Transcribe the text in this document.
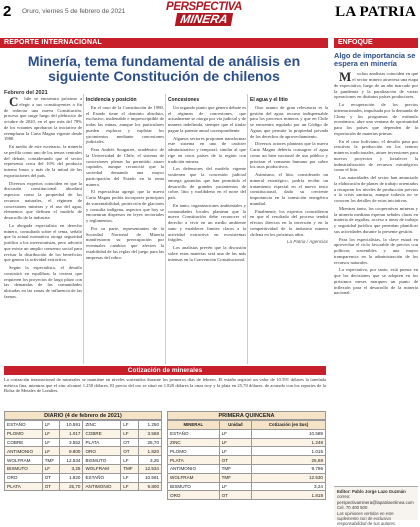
2 Oruro, viernes 5 de febrero de 2021	PERSPECTIVA
MINERA	LA PATRIA
REPORTE INTERNACIONAL
Minería, tema fundamental de análisis en siguiente Constitución de chilenos
Febrero del 2021

Chile se encuentra próximo a elegir a sus constituyentes a fin de redactar una nueva Constitución, proceso que surge luego del plebiscito de octubre de 2020, en el que más del 78% de los votantes aprobaron la iniciativa de reemplazar la Carta Magna vigente desde 1980.

En medio de este escenario, la minería se perfila como uno de los temas centrales del debate, considerando que el sector representa cerca del 10% del producto interno bruto y más de la mitad de las exportaciones del país.

Diversos expertos coinciden en que la discusión constitucional abordará aspectos como la propiedad de los recursos naturales, el régimen de concesiones mineras y el uso del agua, elementos que definen el modelo de desarrollo de la industria.

La abogada especialista en derecho minero, consultada sobre el tema, señaló que la actual normativa otorga seguridad jurídica a los inversionistas, pero advirtió que existe un amplio consenso social para revisar la distribución de los beneficios que genera la actividad extractiva.

Según la especialista, el desafío consistirá en equilibrar la certeza que requieren los proyectos de largo plazo con las demandas de las comunidades ubicadas en las zonas de influencia de las faenas.

Incidencia y posición

En el caso de la Constitución de 1980, el Estado tiene el dominio absoluto, exclusivo, inalienable e imprescriptible de todas las minas, aunque los particulares pueden explorar y explotar los yacimientos mediante concesiones judiciales.

Para Andrés Sougarret, académico de la Universidad de Chile, el sistema de concesiones plenas ha permitido atraer capitales, aunque reconoció que la sociedad demanda una mayor participación del Estado en la renta minera.

El especialista agregó que la nueva Carta Magna podría incorporar principios de sustentabilidad, protección de glaciares y consulta indígena, aspectos que hoy se encuentran dispersos en leyes sectoriales y reglamentos.

Por su parte, representantes de la Sociedad Nacional de Minería manifestaron su preocupación por eventuales cambios que afecten la estabilidad de las reglas del juego para las empresas del rubro.

Concesiones

Un segundo punto que genera debate es el régimen de concesiones, que actualmente se otorga por vía judicial y de manera indefinida, siempre que el titular pague la patente anual correspondiente.

Algunos sectores proponen transformar este sistema en uno de carácter administrativo y temporal, similar al que rige en otros países de la región con tradición minera.

Los defensores del modelo vigente sostienen que la concesión judicial entrega garantías que han permitido el desarrollo de grandes yacimientos de cobre, litio y molibdeno en el norte del país.

En tanto, organizaciones ambientales y comunidades locales plantean que la nueva Constitución debe reconocer el derecho a vivir en un medio ambiente sano y establecer límites claros a la actividad extractiva en ecosistemas frágiles.

Los analistas prevén que la discusión sobre estas materias será una de las más intensas en la Convención Constitucional.

El agua y el litio

Otro asunto de gran relevancia es la gestión del agua, recurso indispensable para los procesos mineros y que en Chile se encuentra regulado por un Código de Aguas que permite la propiedad privada de los derechos de aprovechamiento.

Diversos actores plantean que la nueva Carta Magna debería consagrar el agua como un bien nacional de uso público y priorizar el consumo humano por sobre los usos productivos.

Asimismo, el litio, considerado un mineral estratégico, podría recibir un tratamiento especial en el nuevo texto constitucional, dada su creciente importancia en la transición energética mundial.

Finalmente, los expertos coincidieron en que el resultado del proceso tendrá efectos directos en la inversión y en la competitividad de la industria minera chilena en los próximos años.

La Patria / Agencias

Cotización de minerales
La cotización internacional de minerales se mantiene en niveles sostenidos durante los primeros días de febrero. El estaño registró un valor de 10.591 dólares la tonelada métrica fina, mientras que el zinc alcanzó 1.250 dólares. El precio del oro se situó en 1.820 dólares la onza troy y la plata en 25,70 dólares, de acuerdo con los reportes de la Bolsa de Metales de Londres.
DIARIO (4 de febrero de 2021)
ESTAÑO	LF	10.591	ZINC	LF	1.250
PLOMO	LF	1.017	COBRE	LF	3.568
COBRE	LF	3.552	PLATA	OT	25,70
ANTIMONIO	LF	9.800	ORO	OT	1.820
WOLFRAM	TMF	12.534	BISMUTO	LF	3,25
BISMUTO	LF	3,25	WOLFRAM	TMF	12.534
ORO	OT	1.820	ESTAÑO	LF	10.591
PLATA	OT	25,70	ANTIMONIO	LF	9.800
PRIMERA QUINCENA
MINERAL	Unidad	Cotización (en $us)
ESTAÑO	LF	10.589
ZINC	LF	1.248
PLOMO	LF	1.015
PLATA	OT	25,68
ANTIMONIO	TMF	9.795
WOLFRAM	TMF	12.530
BISMUTO	LF	3,24
ORO	OT	1.818
ENFOQUE
Algo de importancia se espera en minería

Muchos analistas coinciden en que el sector minero atraviesa una etapa de expectativa, luego de un año marcado por la pandemia y la paralización de varias operaciones en distintos países productores.

La recuperación de los precios internacionales, impulsada por la demanda de China y los programas de estímulo económico, abre una ventana de oportunidad para los países que dependen de la exportación de materias primas.

En el caso boliviano, el desafío pasa por reactivar la producción en los centros mineros tradicionales, atraer inversiones para nuevos proyectos y fortalecer la industrialización de recursos estratégicos como el litio.

Las autoridades del sector han anunciado la elaboración de planes de trabajo orientados a recuperar los niveles de producción previos a la crisis sanitaria, aunque todavía no se conocen los detalles de estas iniciativas.

Mientras tanto, las cooperativas mineras y la minería mediana esperan señales claras en materia de regalías, acceso a áreas de trabajo y seguridad jurídica que permitan planificar sus actividades durante la presente gestión.

Para los especialistas, la clave estará en aprovechar el ciclo favorable de precios con políticas sostenibles y una mayor transparencia en la administración de los recursos naturales.

La expectativa, por tanto, está puesta en que las decisiones que se adopten en los próximos meses marquen un punto de inflexión para el desarrollo de la minería nacional.

Editor: Pablo Jorge Lazo Guzmán
correo: perspectivaminera@lapatriaenlinea.com
Cel. 70 400 500
Las opiniones vertidas en este suplemento son de exclusiva responsabilidad de sus autores.
